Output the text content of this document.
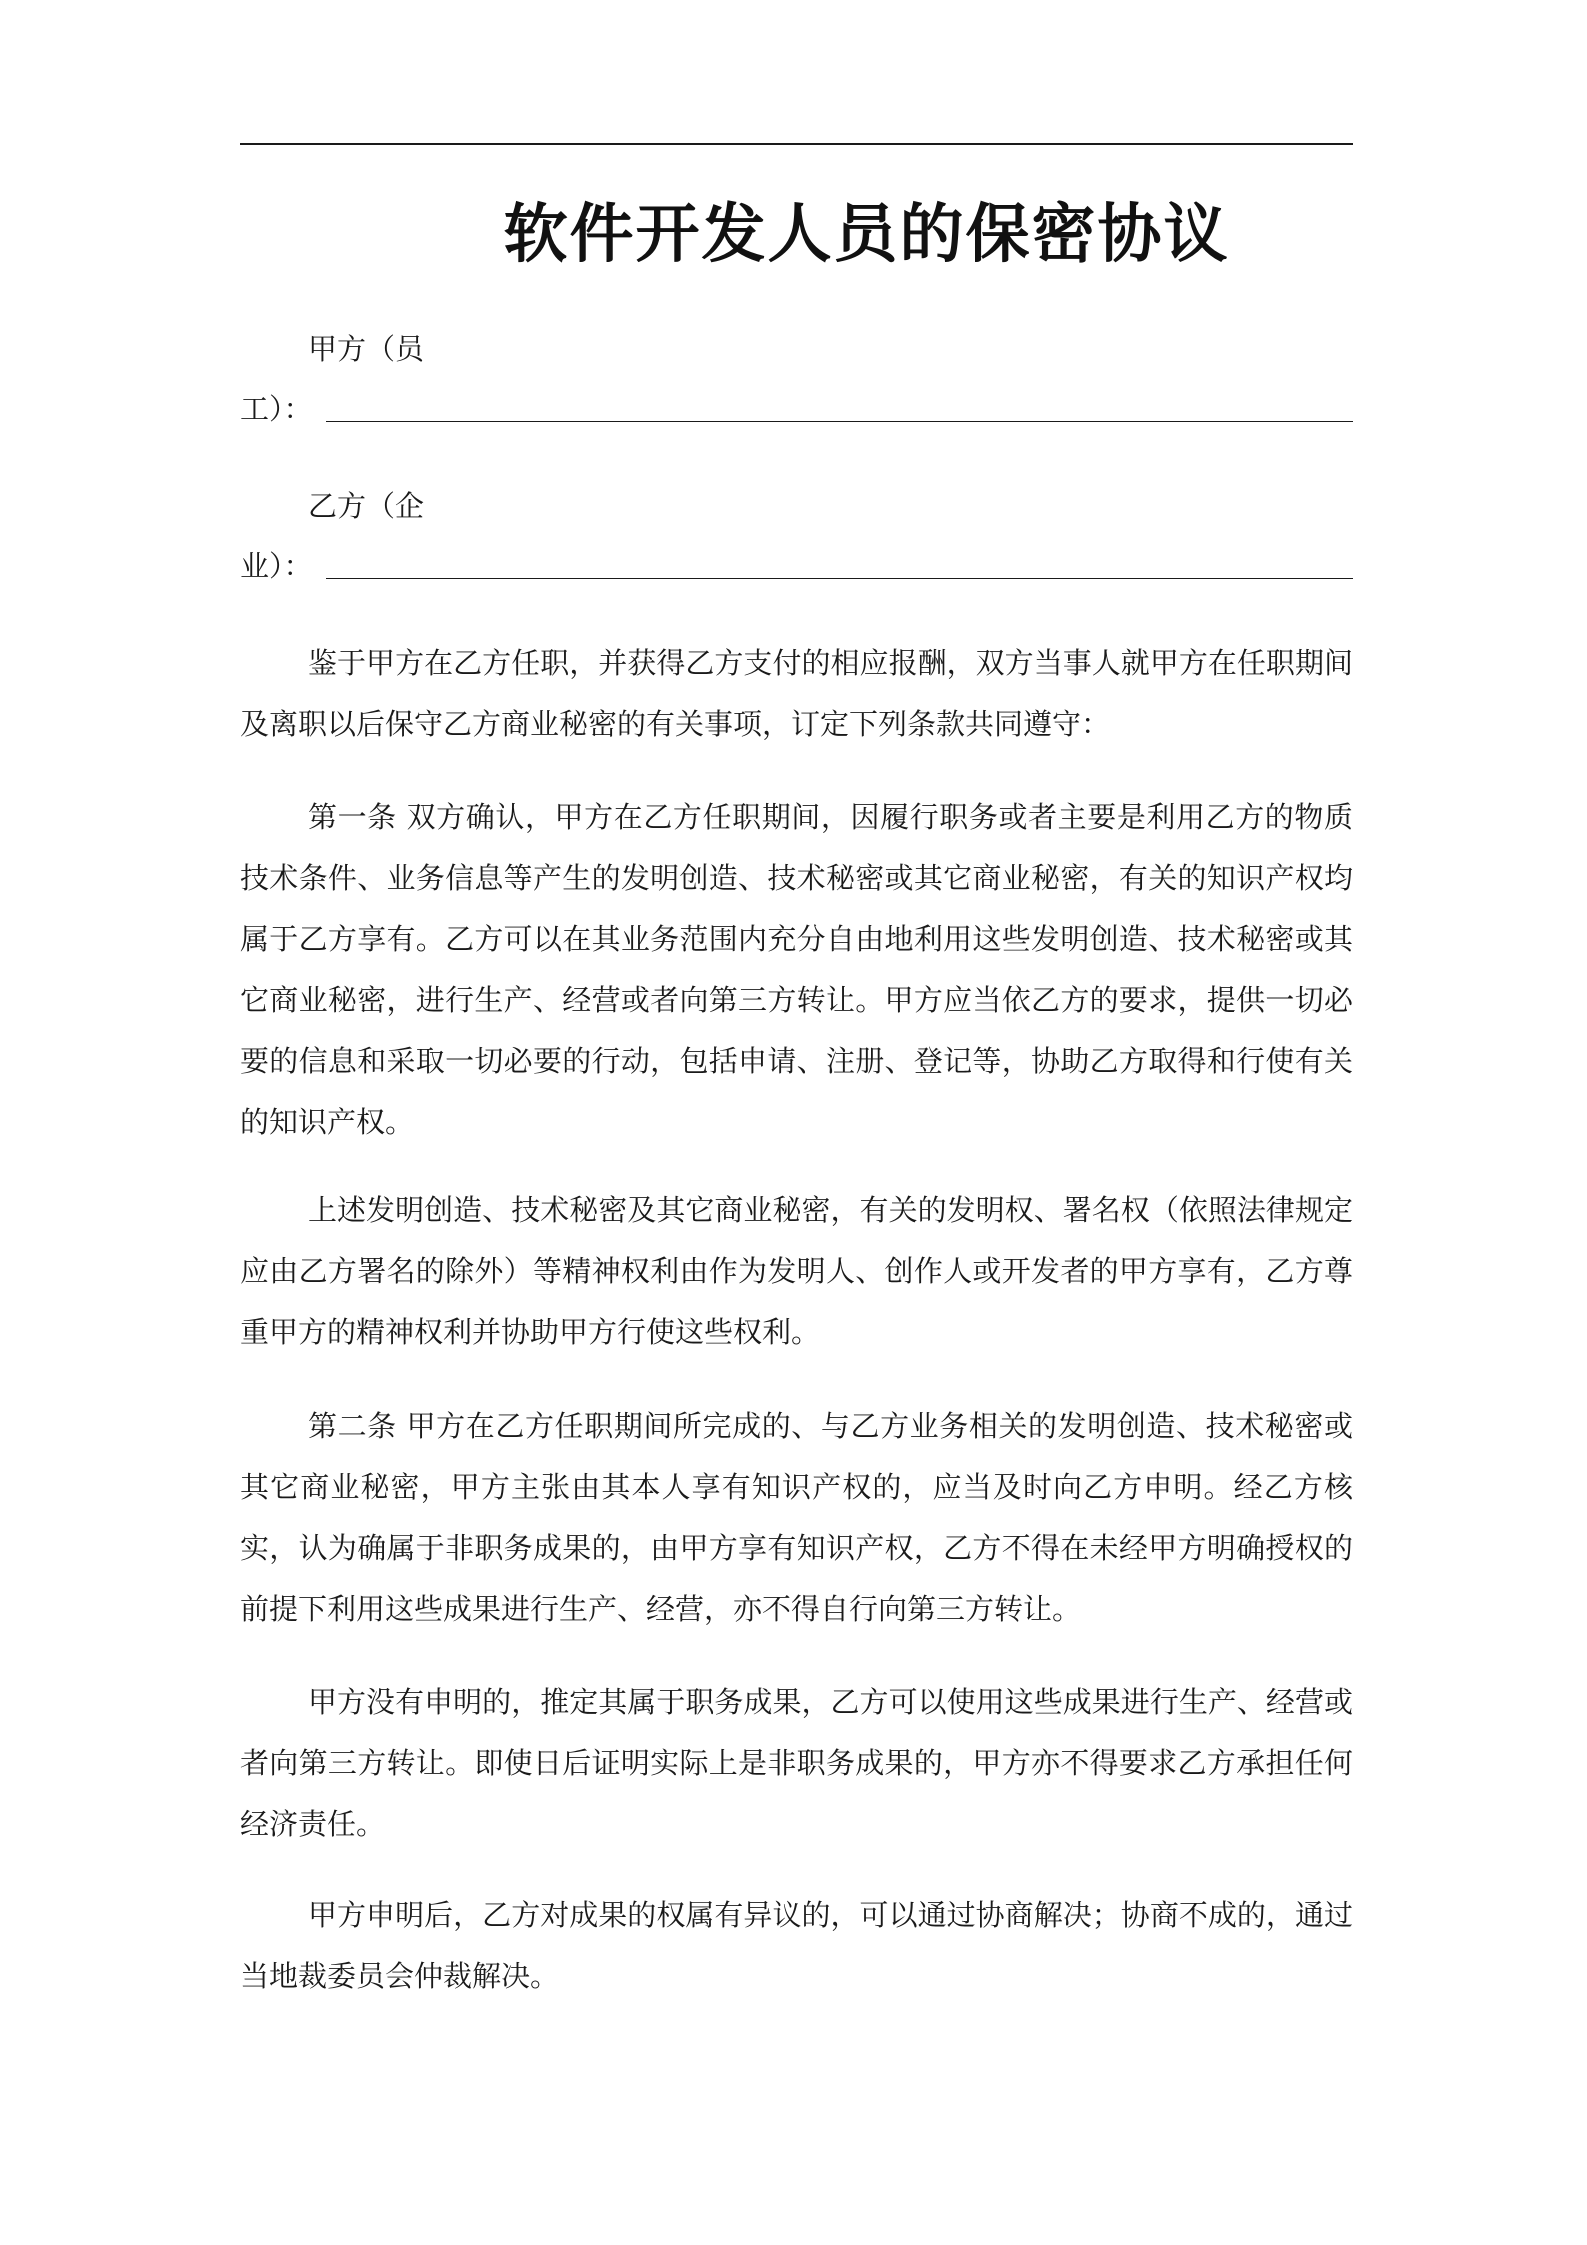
软件开发人员的保密协议
甲方（员
工）：
乙方（企
业）：

鉴于甲方在乙方任职，并获得乙方支付的相应报酬，双方当事人就甲方在任职期间及离职以后保守乙方商业秘密的有关事项，订定下列条款共同遵守：

第一条 双方确认，甲方在乙方任职期间，因履行职务或者主要是利用乙方的物质技术条件、业务信息等产生的发明创造、技术秘密或其它商业秘密，有关的知识产权均属于乙方享有。乙方可以在其业务范围内充分自由地利用这些发明创造、技术秘密或其它商业秘密，进行生产、经营或者向第三方转让。甲方应当依乙方的要求，提供一切必要的信息和采取一切必要的行动，包括申请、注册、登记等，协助乙方取得和行使有关的知识产权。

上述发明创造、技术秘密及其它商业秘密，有关的发明权、署名权（依照法律规定应由乙方署名的除外）等精神权利由作为发明人、创作人或开发者的甲方享有，乙方尊重甲方的精神权利并协助甲方行使这些权利。

第二条 甲方在乙方任职期间所完成的、与乙方业务相关的发明创造、技术秘密或其它商业秘密，甲方主张由其本人享有知识产权的，应当及时向乙方申明。经乙方核实，认为确属于非职务成果的，由甲方享有知识产权，乙方不得在未经甲方明确授权的前提下利用这些成果进行生产、经营，亦不得自行向第三方转让。

甲方没有申明的，推定其属于职务成果，乙方可以使用这些成果进行生产、经营或者向第三方转让。即使日后证明实际上是非职务成果的，甲方亦不得要求乙方承担任何经济责任。

甲方申明后，乙方对成果的权属有异议的，可以通过协商解决；协商不成的，通过当地裁委员会仲裁解决。
